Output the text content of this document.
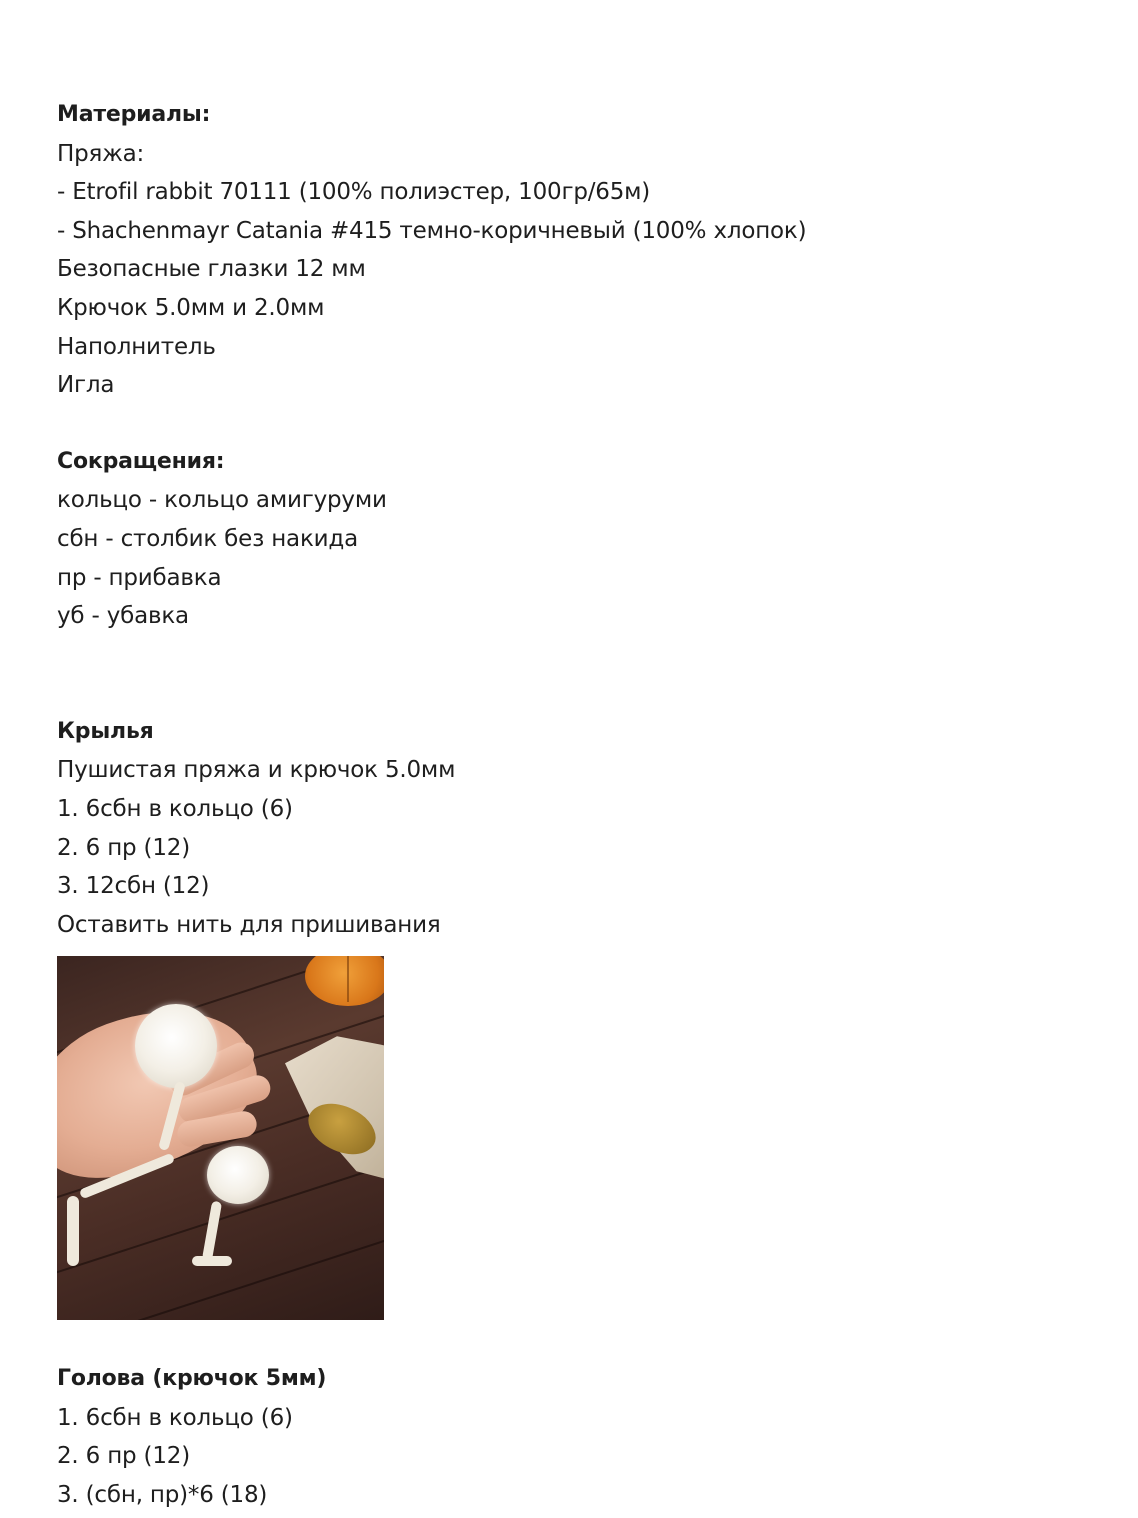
Материалы:
Пряжа:
- Etrofil rabbit 70111 (100% полиэстер, 100гр/65м)
- Shachenmayr Catania #415 темно-коричневый (100% хлопок)
Безопасные глазки 12 мм
Крючок 5.0мм и 2.0мм
Наполнитель
Игла
Сокращения:
кольцо - кольцо амигуруми
сбн - столбик без накида
пр - прибавка
уб - убавка
Крылья
Пушистая пряжа и крючок 5.0мм
1. 6сбн в кольцо (6)
2. 6 пр (12)
3. 12сбн (12)
Оставить нить для пришивания
Голова (крючок 5мм)
1. 6сбн в кольцо (6)
2. 6 пр (12)
3. (сбн, пр)*6 (18)
